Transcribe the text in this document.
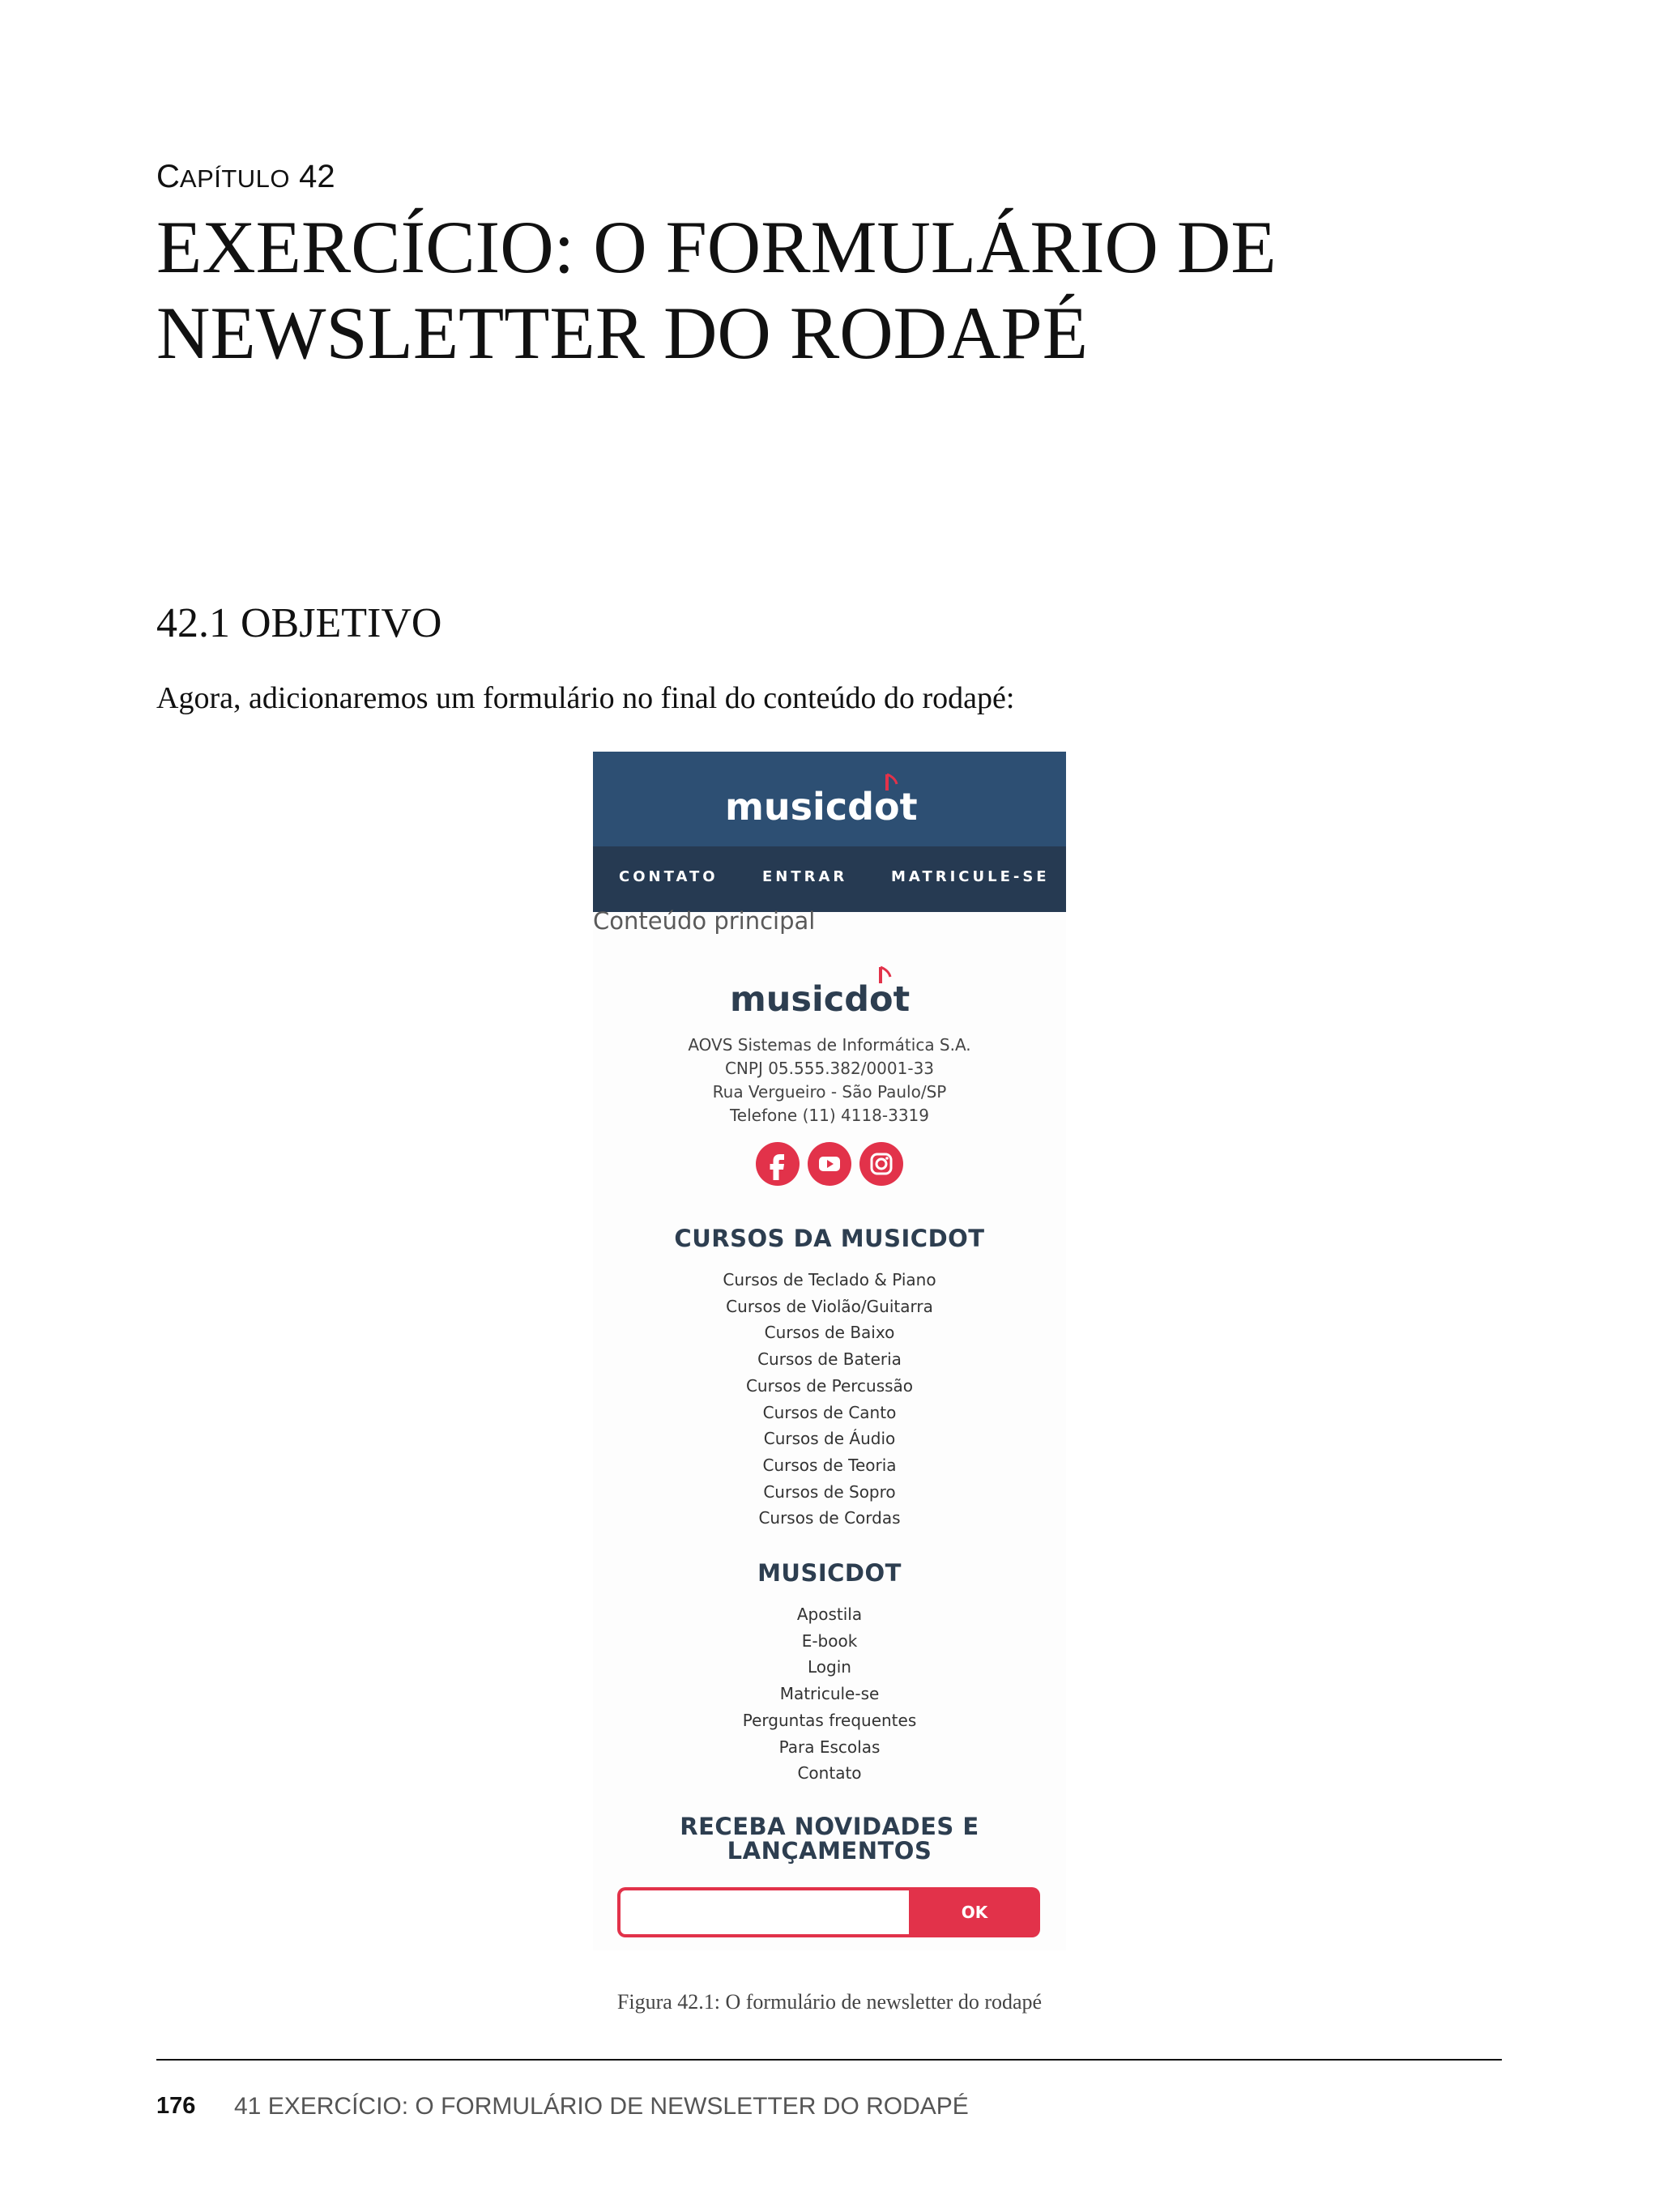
CAPÍTULO 42
EXERCÍCIO: O FORMULÁRIO DE
NEWSLETTER DO RODAPÉ
42.1 OBJETIVO
Agora, adicionaremos um formulário no final do conteúdo do rodapé:
musicdot
CONTATO	ENTRAR	MATRICULE-SE
Conteúdo principal
musicdot
AOVS Sistemas de Informática S.A.
CNPJ 05.555.382/0001-33
Rua Vergueiro - São Paulo/SP
Telefone (11) 4118-3319
CURSOS DA MUSICDOT
Cursos de Teclado & Piano
Cursos de Violão/Guitarra
Cursos de Baixo
Cursos de Bateria
Cursos de Percussão
Cursos de Canto
Cursos de Áudio
Cursos de Teoria
Cursos de Sopro
Cursos de Cordas
MUSICDOT
Apostila
E-book
Login
Matricule-se
Perguntas frequentes
Para Escolas
Contato
RECEBA NOVIDADES E
LANÇAMENTOS
OK
Figura 42.1: O formulário de newsletter do rodapé
176 41 EXERCÍCIO: O FORMULÁRIO DE NEWSLETTER DO RODAPÉ
